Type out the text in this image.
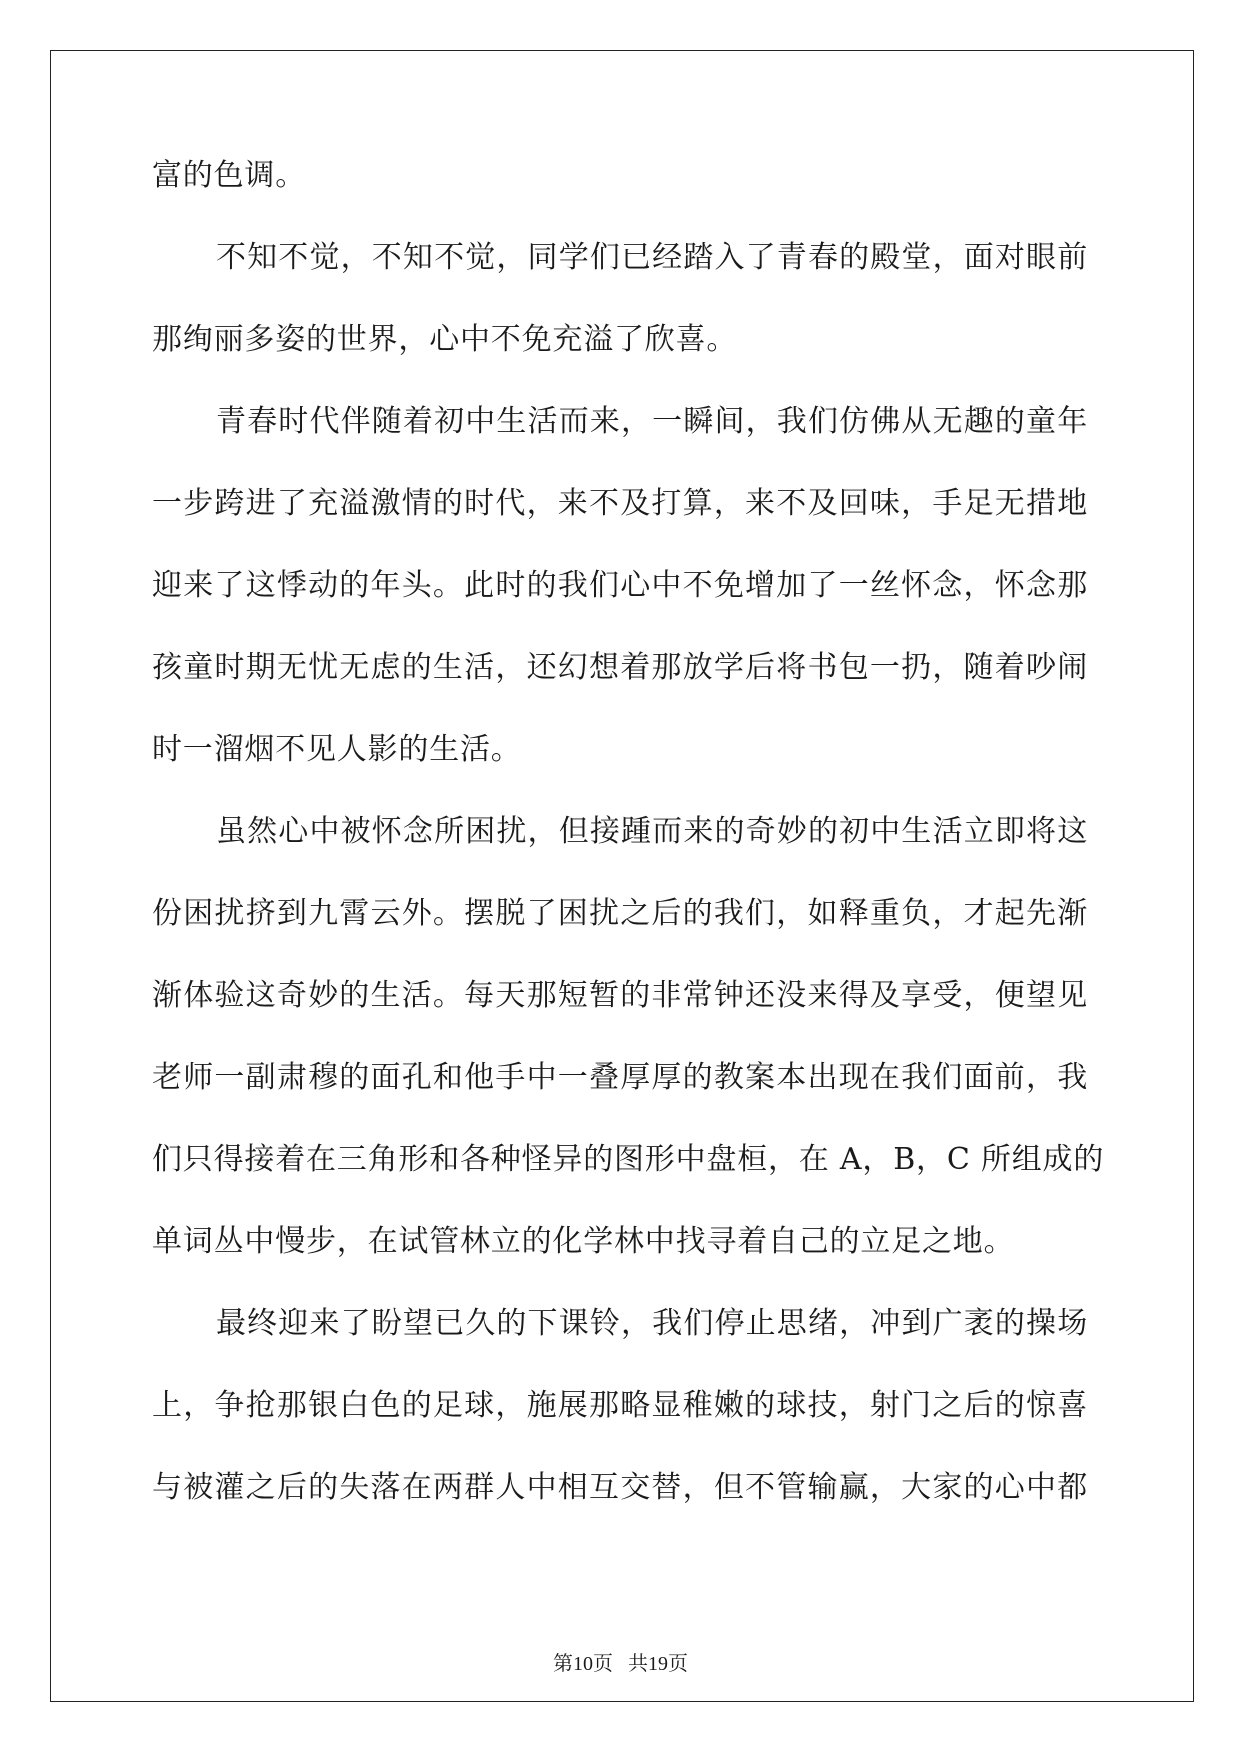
富的色调。
不知不觉，不知不觉，同学们已经踏入了青春的殿堂，面对眼前
那绚丽多姿的世界，心中不免充溢了欣喜。
青春时代伴随着初中生活而来，一瞬间，我们仿佛从无趣的童年
一步跨进了充溢激情的时代，来不及打算，来不及回味，手足无措地
迎来了这悸动的年头。此时的我们心中不免增加了一丝怀念，怀念那
孩童时期无忧无虑的生活，还幻想着那放学后将书包一扔，随着吵闹
时一溜烟不见人影的生活。
虽然心中被怀念所困扰，但接踵而来的奇妙的初中生活立即将这
份困扰挤到九霄云外。摆脱了困扰之后的我们，如释重负，才起先渐
渐体验这奇妙的生活。每天那短暂的非常钟还没来得及享受，便望见
老师一副肃穆的面孔和他手中一叠厚厚的教案本出现在我们面前，我
们只得接着在三角形和各种怪异的图形中盘桓，在 A，B，C 所组成的
单词丛中慢步，在试管林立的化学林中找寻着自己的立足之地。
最终迎来了盼望已久的下课铃，我们停止思绪，冲到广袤的操场
上，争抢那银白色的足球，施展那略显稚嫩的球技，射门之后的惊喜
与被灌之后的失落在两群人中相互交替，但不管输赢，大家的心中都
第10页   共19页
